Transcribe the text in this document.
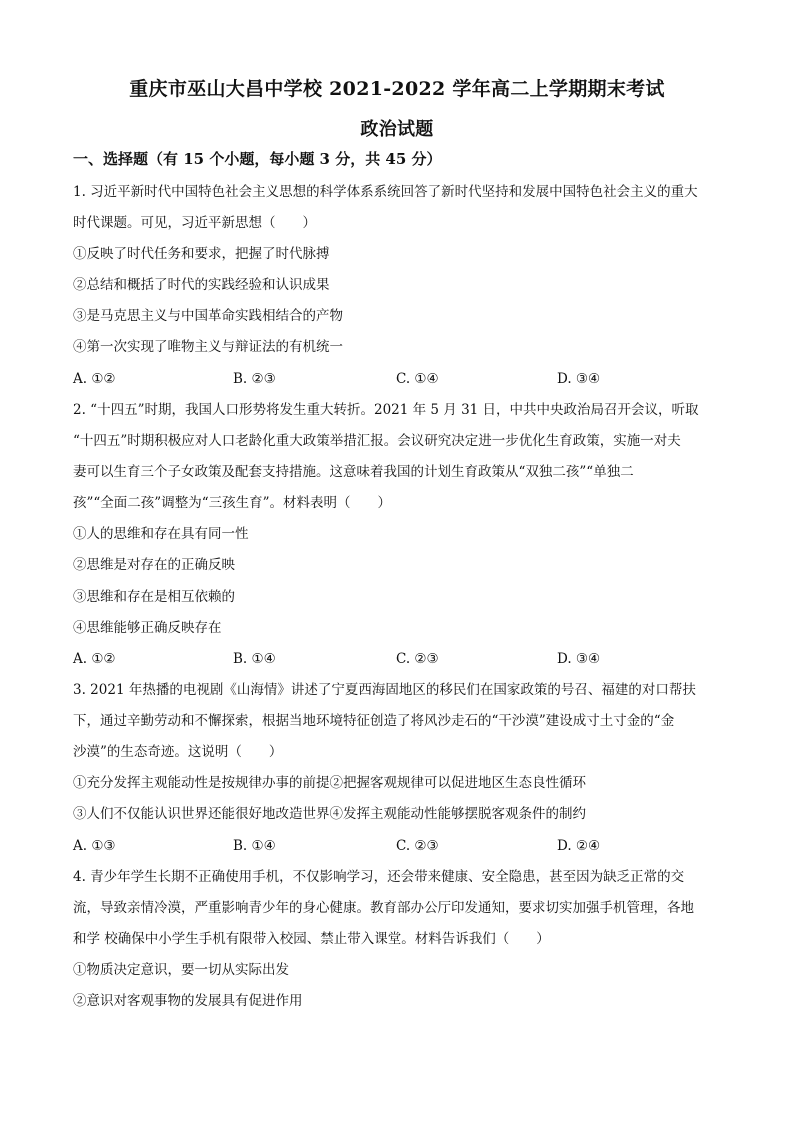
重庆市巫山大昌中学校 2021-2022 学年高二上学期期末考试
政治试题
一、选择题（有 15 个小题，每小题 3 分，共 45 分）
1. 习近平新时代中国特色社会主义思想的科学体系系统回答了新时代坚持和发展中国特色社会主义的重大
时代课题。可见，习近平新思想（　　）
①反映了时代任务和要求，把握了时代脉搏
②总结和概括了时代的实践经验和认识成果
③是马克思主义与中国革命实践相结合的产物
④第一次实现了唯物主义与辩证法的有机统一
A. ①②	B. ②③	C. ①④	D. ③④
2. “十四五”时期，我国人口形势将发生重大转折。2021 年 5 月 31 日，中共中央政治局召开会议，听取
“十四五”时期积极应对人口老龄化重大政策举措汇报。会议研究决定进一步优化生育政策，实施一对夫
妻可以生育三个子女政策及配套支持措施。这意味着我国的计划生育政策从“双独二孩”“单独二
孩”“全面二孩”调整为“三孩生育”。材料表明（　　）
①人的思维和存在具有同一性
②思维是对存在的正确反映
③思维和存在是相互依赖的
④思维能够正确反映存在
A. ①②	B. ①④	C. ②③	D. ③④
3. 2021 年热播的电视剧《山海情》讲述了宁夏西海固地区的移民们在国家政策的号召、福建的对口帮扶
下，通过辛勤劳动和不懈探索，根据当地环境特征创造了将风沙走石的“干沙漠”建设成寸土寸金的“金
沙漠”的生态奇迹。这说明（　　）
①充分发挥主观能动性是按规律办事的前提②把握客观规律可以促进地区生态良性循环
③人们不仅能认识世界还能很好地改造世界④发挥主观能动性能够摆脱客观条件的制约
A. ①③	B. ①④	C. ②③	D. ②④
4. 青少年学生长期不正确使用手机，不仅影响学习，还会带来健康、安全隐患，甚至因为缺乏正常的交
流，导致亲情冷漠，严重影响青少年的身心健康。教育部办公厅印发通知，要求切实加强手机管理，各地
和学 校确保中小学生手机有限带入校园、禁止带入课堂。材料告诉我们（　　）
①物质决定意识，要一切从实际出发
②意识对客观事物的发展具有促进作用
